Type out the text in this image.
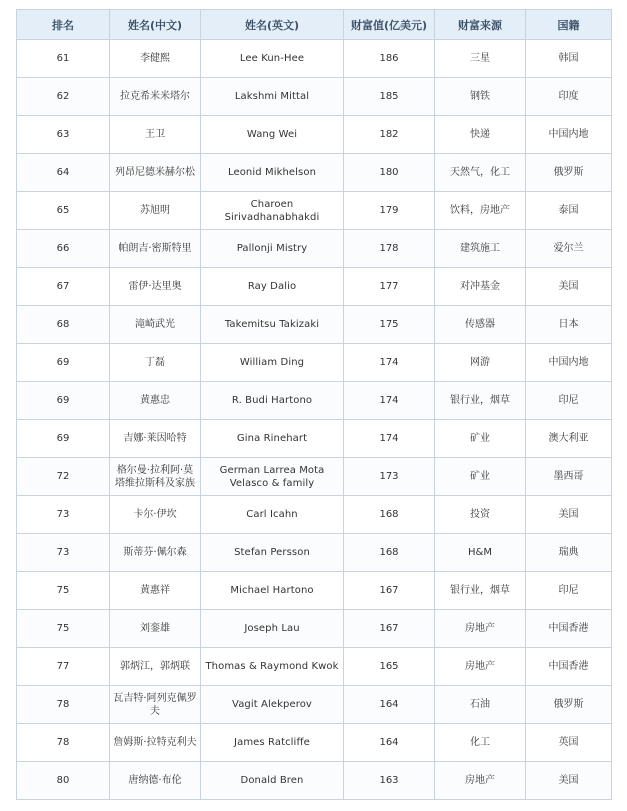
排名	姓名(中文)	姓名(英文)	财富值(亿美元)	财富来源	国籍
61	李健熙	Lee Kun-Hee	186	三星	韩国
62	拉克希米米塔尔	Lakshmi Mittal	185	钢铁	印度
63	王卫	Wang Wei	182	快递	中国内地
64	列昂尼德米赫尔松	Leonid Mikhelson	180	天然气，化工	俄罗斯
65	苏旭明	Charoen Sirivadhanabhakdi	179	饮料，房地产	泰国
66	帕朗吉·密斯特里	Pallonji Mistry	178	建筑施工	爱尔兰
67	雷伊·达里奥	Ray Dalio	177	对冲基金	美国
68	滝崎武光	Takemitsu Takizaki	175	传感器	日本
69	丁磊	William Ding	174	网游	中国内地
69	黄惠忠	R. Budi Hartono	174	银行业，烟草	印尼
69	吉娜·莱因哈特	Gina Rinehart	174	矿业	澳大利亚
72	格尔曼·拉利阿·莫塔维拉斯科及家族	German Larrea Mota Velasco & family	173	矿业	墨西哥
73	卡尔·伊坎	Carl Icahn	168	投资	美国
73	斯蒂芬·佩尔森	Stefan Persson	168	H&M	瑞典
75	黄惠祥	Michael Hartono	167	银行业，烟草	印尼
75	刘銮雄	Joseph Lau	167	房地产	中国香港
77	郭炳江，郭炳联	Thomas & Raymond Kwok	165	房地产	中国香港
78	瓦吉特·阿列克佩罗夫	Vagit Alekperov	164	石油	俄罗斯
78	詹姆斯·拉特克利夫	James Ratcliffe	164	化工	英国
80	唐纳德·布伦	Donald Bren	163	房地产	美国
